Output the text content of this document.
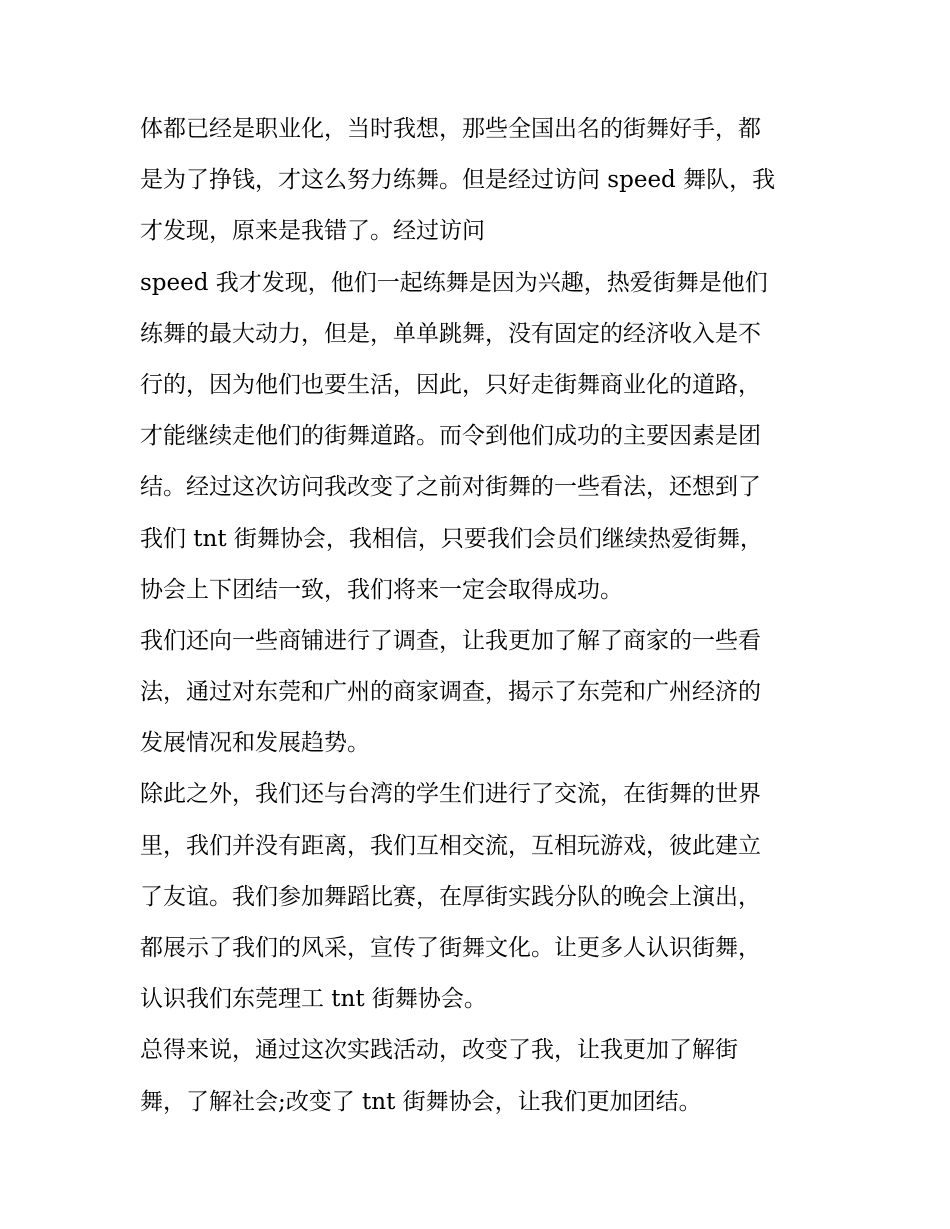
体都已经是职业化，当时我想，那些全国出名的街舞好手，都
是为了挣钱，才这么努力练舞。但是经过访问 speed 舞队，我
才发现，原来是我错了。经过访问
speed 我才发现，他们一起练舞是因为兴趣，热爱街舞是他们
练舞的最大动力，但是，单单跳舞，没有固定的经济收入是不
行的，因为他们也要生活，因此，只好走街舞商业化的道路，
才能继续走他们的街舞道路。而令到他们成功的主要因素是团
结。经过这次访问我改变了之前对街舞的一些看法，还想到了
我们 tnt 街舞协会，我相信，只要我们会员们继续热爱街舞，
协会上下团结一致，我们将来一定会取得成功。
我们还向一些商铺进行了调查，让我更加了解了商家的一些看
法，通过对东莞和广州的商家调查，揭示了东莞和广州经济的
发展情况和发展趋势。
除此之外，我们还与台湾的学生们进行了交流，在街舞的世界
里，我们并没有距离，我们互相交流，互相玩游戏，彼此建立
了友谊。我们参加舞蹈比赛，在厚街实践分队的晚会上演出，
都展示了我们的风采，宣传了街舞文化。让更多人认识街舞，
认识我们东莞理工 tnt 街舞协会。
总得来说，通过这次实践活动，改变了我，让我更加了解街
舞，了解社会;改变了 tnt 街舞协会，让我们更加团结。
